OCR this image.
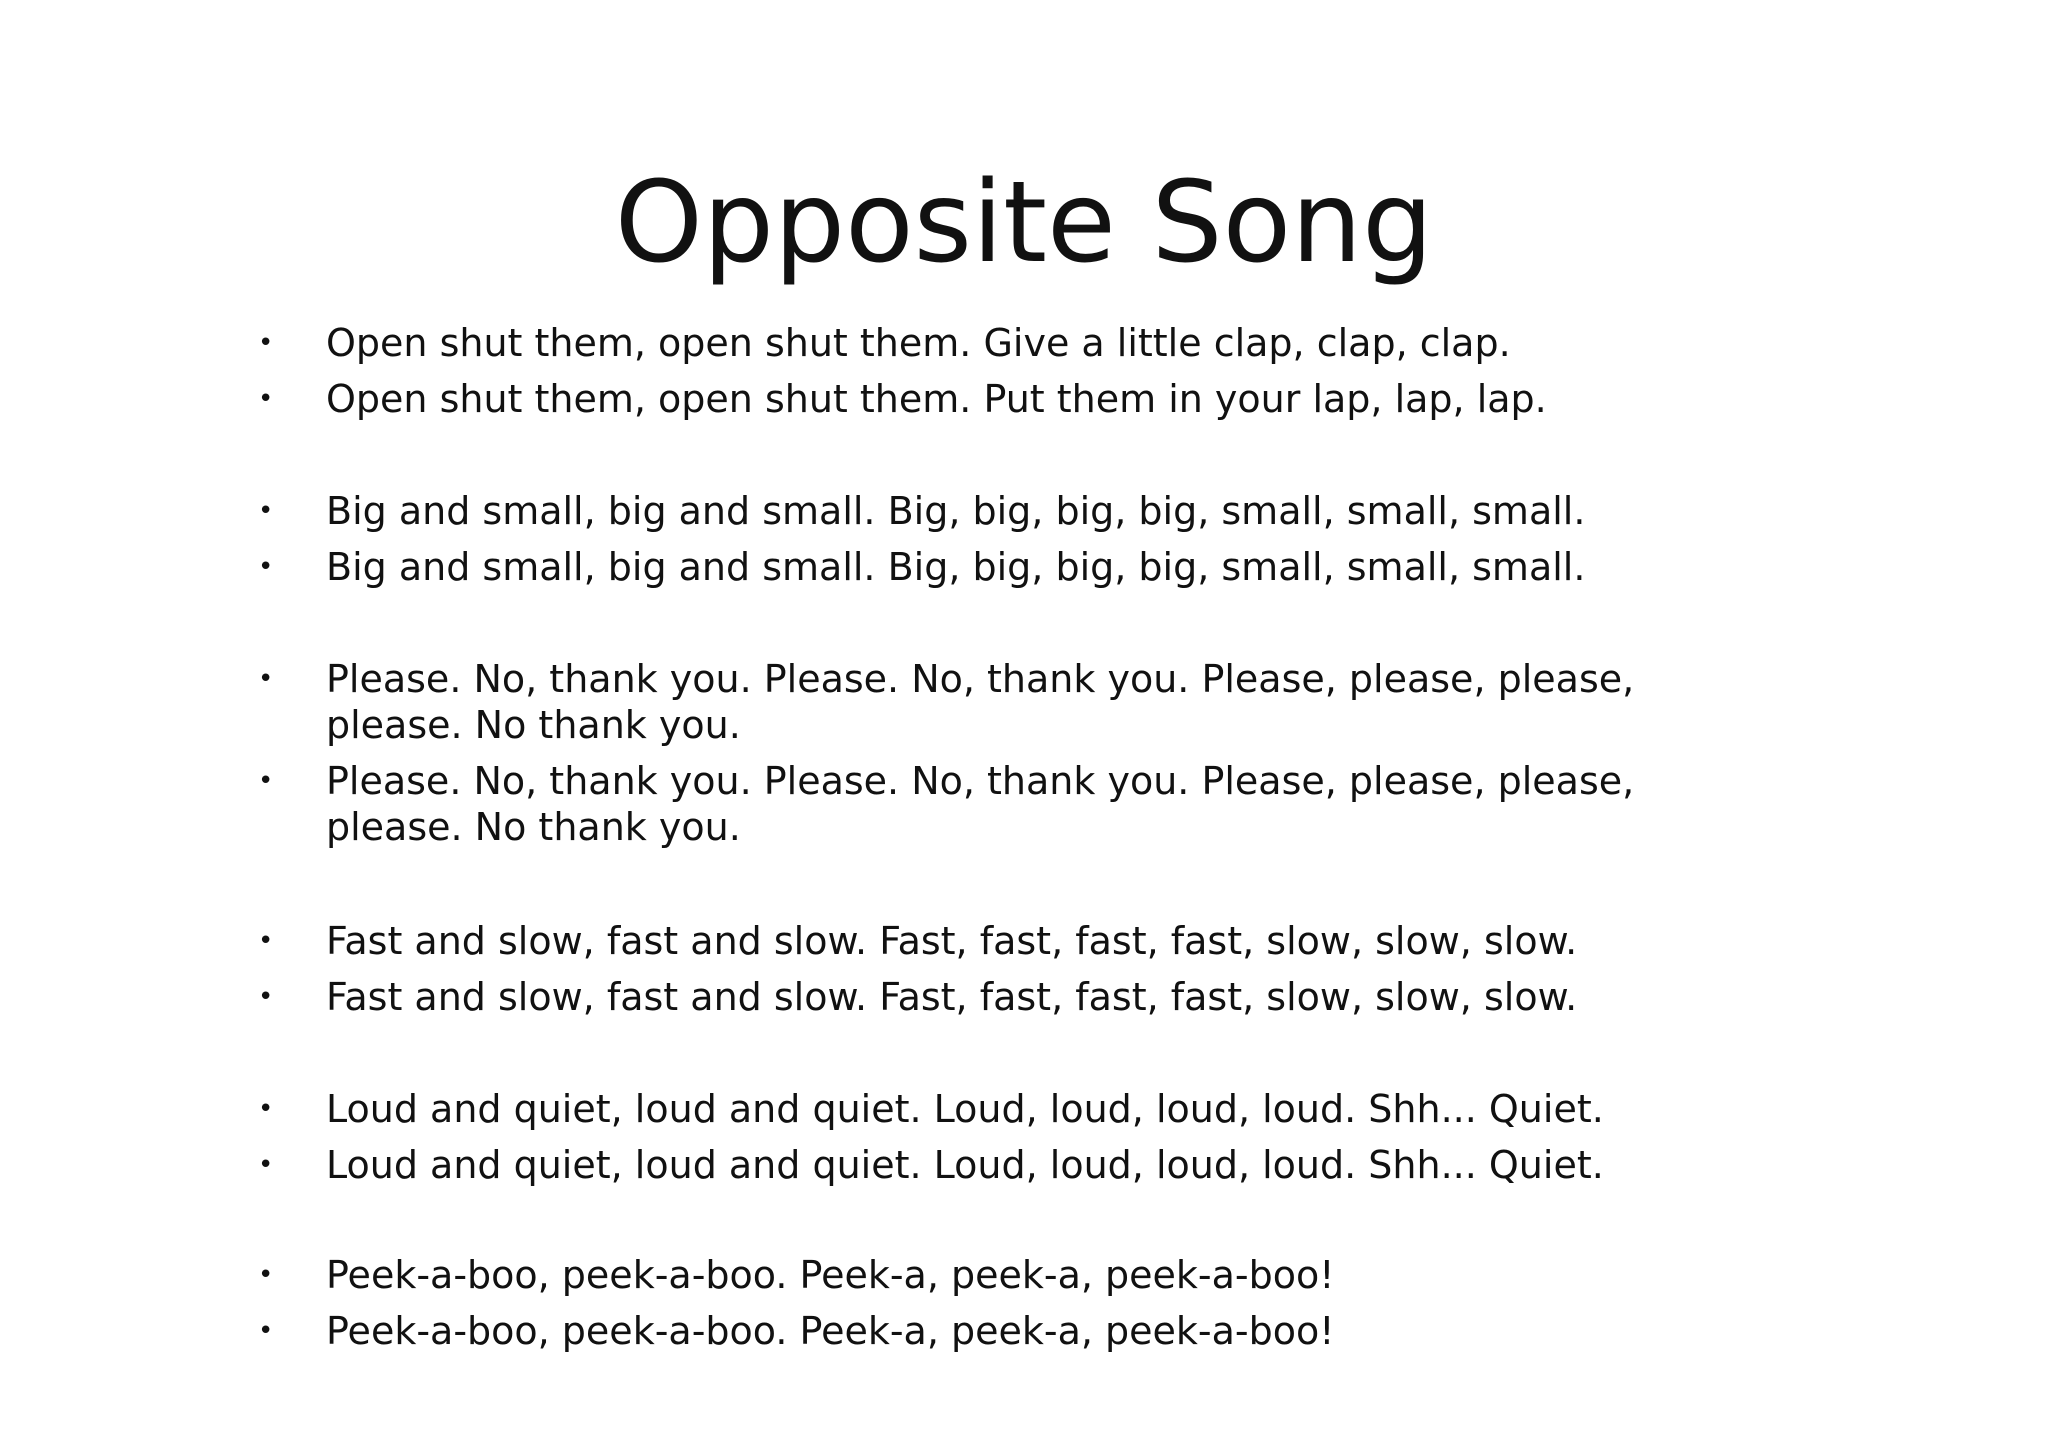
Opposite Song
• Open shut them, open shut them. Give a little clap, clap, clap.
• Open shut them, open shut them. Put them in your lap, lap, lap.
• Big and small, big and small. Big, big, big, big, small, small, small.
• Big and small, big and small. Big, big, big, big, small, small, small.
• Please. No, thank you. Please. No, thank you. Please, please, please, please. No thank you.
• Please. No, thank you. Please. No, thank you. Please, please, please, please. No thank you.
• Fast and slow, fast and slow. Fast, fast, fast, fast, slow, slow, slow.
• Fast and slow, fast and slow. Fast, fast, fast, fast, slow, slow, slow.
• Loud and quiet, loud and quiet. Loud, loud, loud, loud. Shh... Quiet.
• Loud and quiet, loud and quiet. Loud, loud, loud, loud. Shh... Quiet.
• Peek-a-boo, peek-a-boo. Peek-a, peek-a, peek-a-boo!
• Peek-a-boo, peek-a-boo. Peek-a, peek-a, peek-a-boo!
